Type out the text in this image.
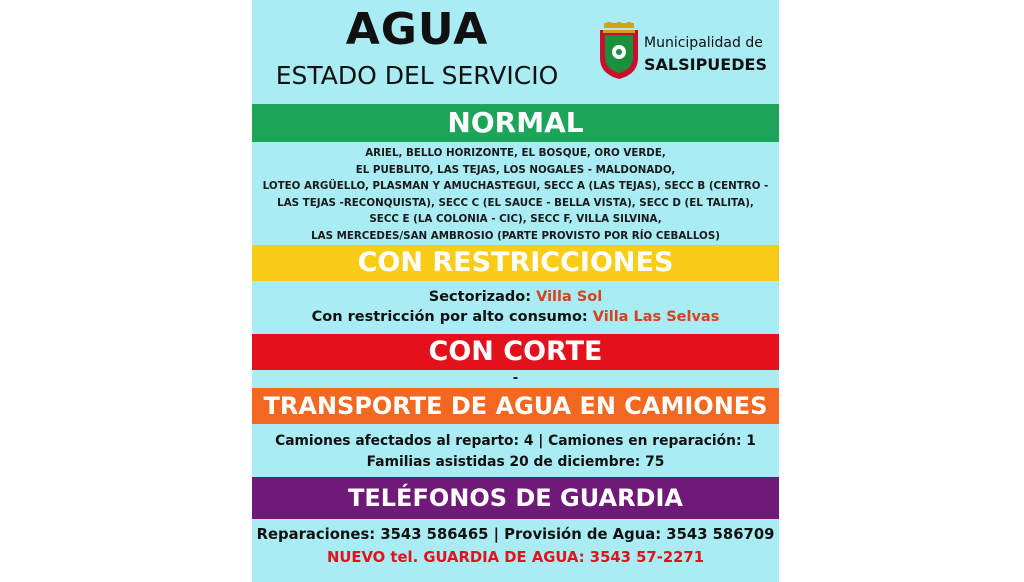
AGUA
ESTADO DEL SERVICIO
Municipalidad de
SALSIPUEDES
NORMAL
ARIEL, BELLO HORIZONTE, EL BOSQUE, ORO VERDE,
EL PUEBLITO, LAS TEJAS, LOS NOGALES - MALDONADO,
LOTEO ARGÜELLO, PLASMAN Y AMUCHASTEGUI, SECC A (LAS TEJAS), SECC B (CENTRO -
LAS TEJAS -RECONQUISTA), SECC C (EL SAUCE - BELLA VISTA), SECC D (EL TALITA),
SECC E (LA COLONIA - CIC), SECC F, VILLA SILVINA,
LAS MERCEDES/SAN AMBROSIO (PARTE PROVISTO POR RÍO CEBALLOS)
CON RESTRICCIONES
Sectorizado: Villa Sol
Con restricción por alto consumo: Villa Las Selvas
CON CORTE
-
TRANSPORTE DE AGUA EN CAMIONES
Camiones afectados al reparto: 4 | Camiones en reparación: 1
Familias asistidas 20 de diciembre: 75
TELÉFONOS DE GUARDIA
Reparaciones: 3543 586465 | Provisión de Agua: 3543 586709
NUEVO tel. GUARDIA DE AGUA: 3543 57-2271
